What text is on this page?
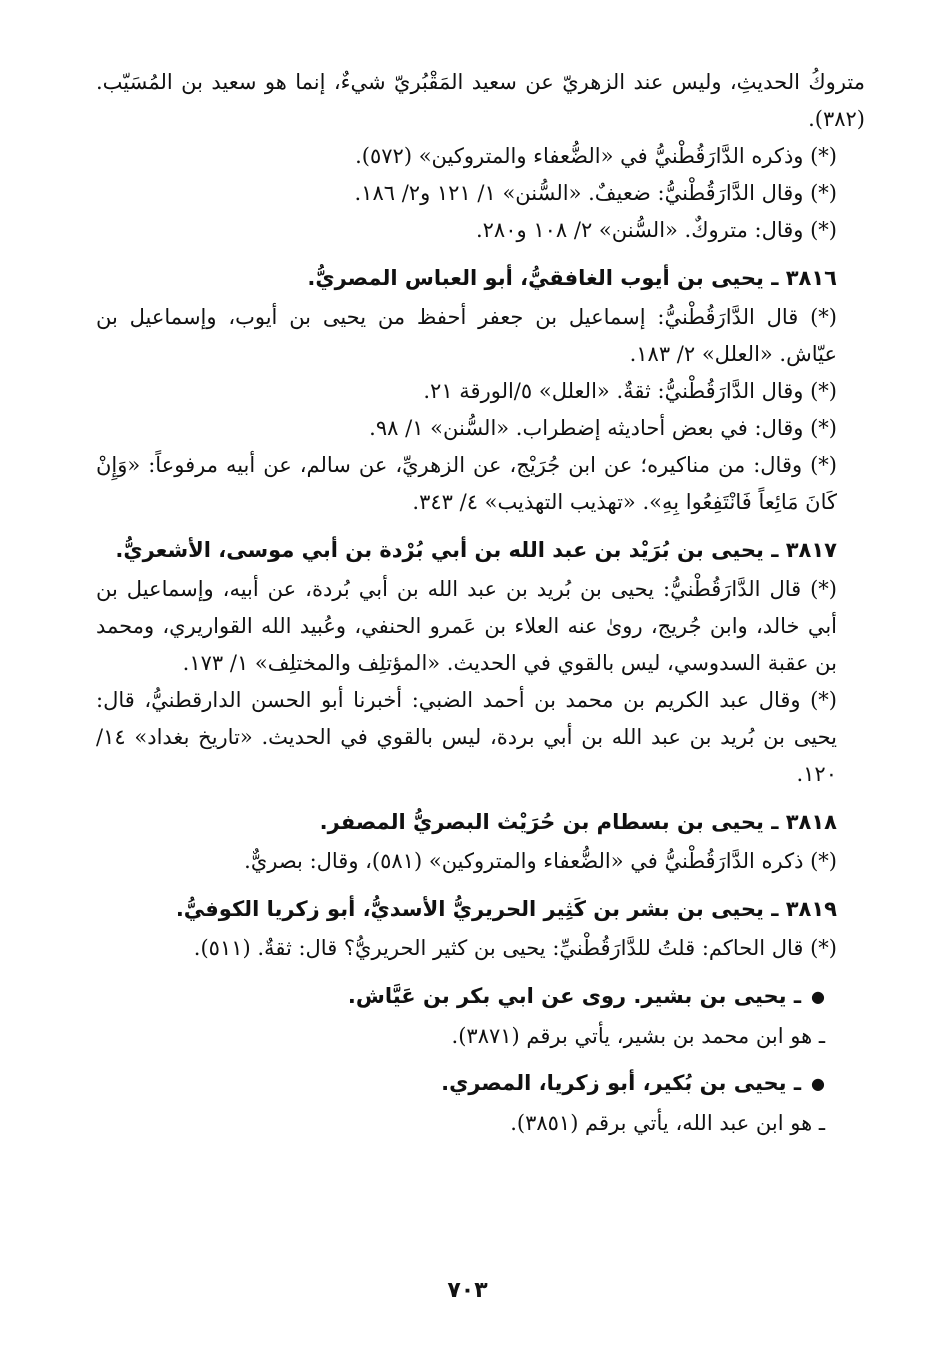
متروكُ الحديثِ، وليس عند الزهريّ عن سعيد المَقْبُريّ شيءٌ، إنما هو سعيد بن المُسَيّب. (٣٨٢).

(*) وذكره الدَّارَقُطْنيُّ في «الضُّعفاء والمتروكين» (٥٧٢).

(*) وقال الدَّارَقُطْنيُّ: ضعيفٌ. «السُّنن» ١/ ١٢١ و٢/ ١٨٦.

(*) وقال: متروكٌ. «السُّنن» ٢/ ١٠٨ و٢٨٠.

٣٨١٦ ـ يحيى بن أيوب الغافقيُّ، أبو العباس المصريُّ.

(*) قال الدَّارَقُطْنيُّ: إسماعيل بن جعفر أحفظ من يحيى بن أيوب، وإسماعيل بن عيّاش. «العلل» ٢/ ١٨٣.

(*) وقال الدَّارَقُطْنيُّ: ثقةٌ. «العلل» ٥/الورقة ٢١.

(*) وقال: في بعض أحاديثه إضطراب. «السُّنن» ١/ ٩٨.

(*) وقال: من مناكيره؛ عن ابن جُرَيْج، عن الزهريِّ، عن سالم، عن أبيه مرفوعاً: «وَإِنْ كَانَ مَائِعاً فَانْتَفِعُوا بِهِ». «تهذيب التهذيب» ٤/ ٣٤٣.

٣٨١٧ ـ يحيى بن بُرَيْد بن عبد الله بن أبي بُرْدة بن أبي موسى، الأشعريُّ.

(*) قال الدَّارَقُطْنيُّ: يحيى بن بُريد بن عبد الله بن أبي بُردة، عن أبيه، وإسماعيل بن أبي خالد، وابن جُريج، روىٰ عنه العلاء بن عَمرو الحنفي، وعُبيد الله القواريري، ومحمد بن عقبة السدوسي، ليس بالقوي في الحديث. «المؤتلِف والمختلِف» ١/ ١٧٣.

(*) وقال عبد الكريم بن محمد بن أحمد الضبي: أخبرنا أبو الحسن الدارقطنيُّ، قال: يحيى بن بُريد بن عبد الله بن أبي بردة، ليس بالقوي في الحديث. «تاريخ بغداد» ١٤/ ١٢٠.

٣٨١٨ ـ يحيى بن بسطام بن حُرَيْث البصريُّ المصفر.

(*) ذكره الدَّارَقُطْنيُّ في «الضُّعفاء والمتروكين» (٥٨١)، وقال: بصريٌّ.

٣٨١٩ ـ يحيى بن بشر بن كَثِير الحريريُّ الأسديُّ، أبو زكريا الكوفيُّ.

(*) قال الحاكم: قلتُ للدَّارَقُطْنيِّ: يحيى بن كثير الحريريُّ؟ قال: ثقةٌ. (٥١١).

●ـ يحيى بن بشير. روى عن ابي بكر بن عَيَّاش.

ـ هو ابن محمد بن بشير، يأتي برقم (٣٨٧١).

●ـ يحيى بن بُكير، أبو زكريا، المصري.

ـ هو ابن عبد الله، يأتي برقم (٣٨٥١).

٧٠٣
